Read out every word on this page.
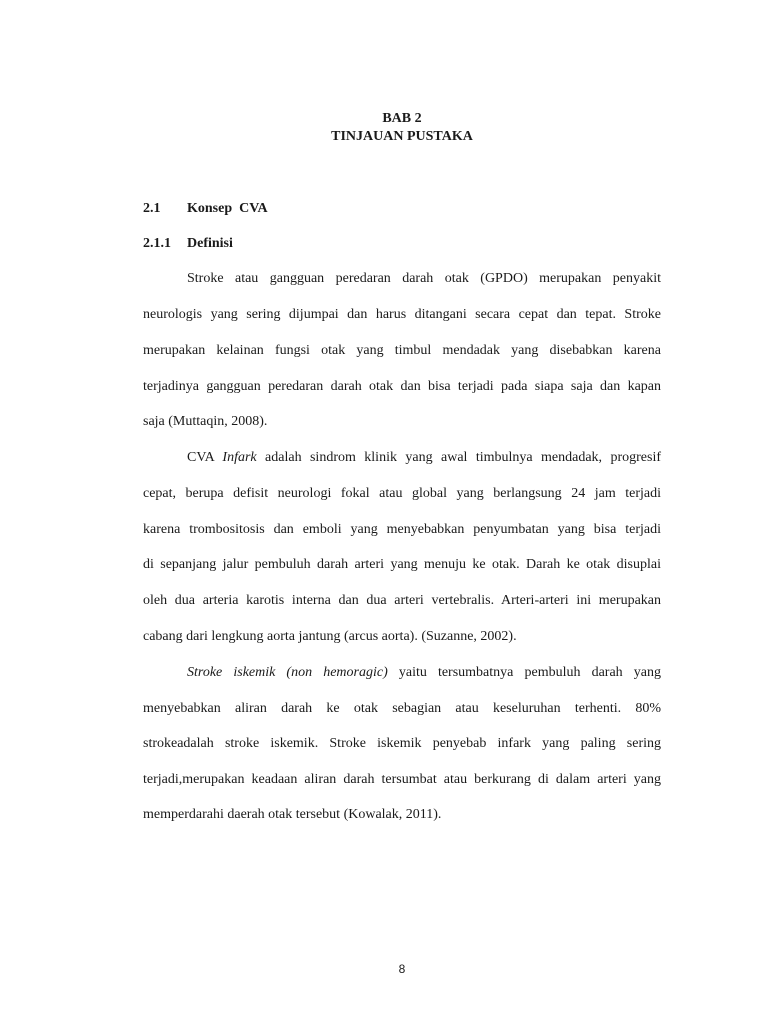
BAB 2
TINJAUAN PUSTAKA
2.1 Konsep  CVA
2.1.1 Definisi
Stroke atau gangguan peredaran darah otak (GPDO) merupakan penyakit
neurologis yang sering dijumpai dan harus ditangani secara cepat dan tepat. Stroke
merupakan kelainan fungsi otak yang timbul mendadak yang disebabkan karena
terjadinya gangguan peredaran darah otak dan bisa terjadi pada siapa saja dan kapan
saja (Muttaqin, 2008).
CVA Infark adalah sindrom klinik yang awal timbulnya mendadak, progresif
cepat, berupa defisit neurologi fokal atau global yang berlangsung 24 jam terjadi
karena trombositosis dan emboli yang menyebabkan penyumbatan yang bisa terjadi
di sepanjang jalur pembuluh darah arteri yang menuju ke otak. Darah ke otak disuplai
oleh dua arteria karotis interna dan dua arteri vertebralis. Arteri-arteri ini merupakan
cabang dari lengkung aorta jantung (arcus aorta). (Suzanne, 2002).
Stroke iskemik (non hemoragic) yaitu tersumbatnya pembuluh darah yang
menyebabkan aliran darah ke otak sebagian atau keseluruhan terhenti. 80%
strokeadalah stroke iskemik. Stroke iskemik penyebab infark yang paling sering
terjadi,merupakan keadaan aliran darah tersumbat atau berkurang di dalam arteri yang
memperdarahi daerah otak tersebut (Kowalak, 2011).
8
